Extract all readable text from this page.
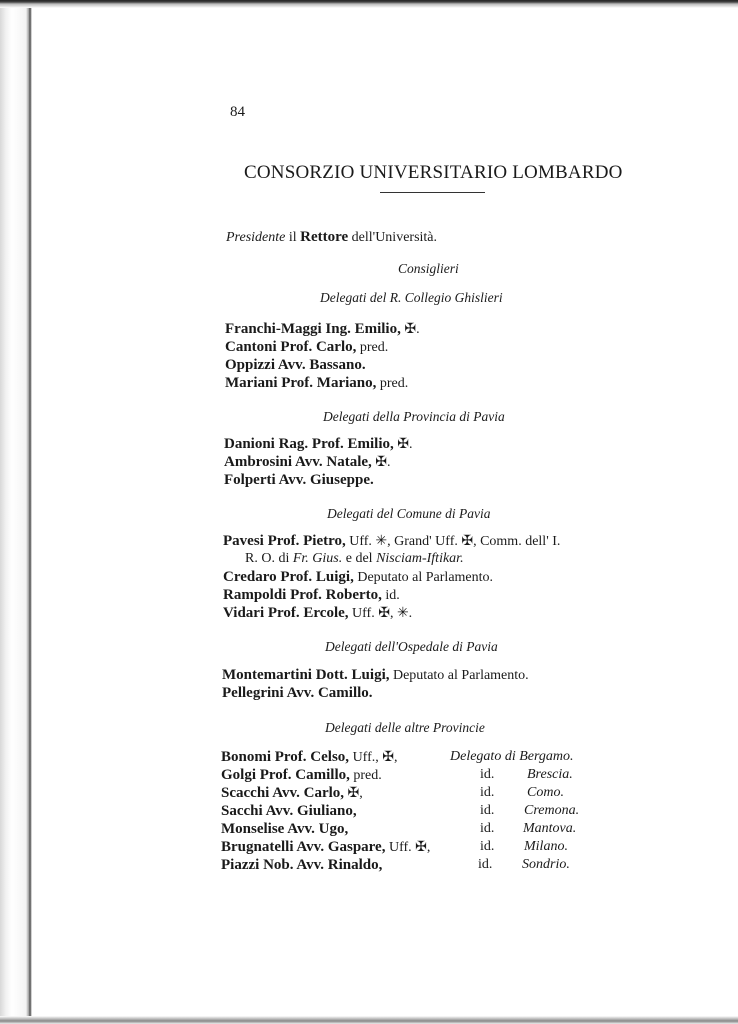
84
CONSORZIO UNIVERSITARIO LOMBARDO
Presidente il Rettore dell'Università.
Consiglieri
Delegati del R. Collegio Ghislieri
Franchi-Maggi Ing. Emilio, ✠.
Cantoni Prof. Carlo, pred.
Oppizzi Avv. Bassano.
Mariani Prof. Mariano, pred.
Delegati della Provincia di Pavia
Danioni Rag. Prof. Emilio, ✠.
Ambrosini Avv. Natale, ✠.
Folperti Avv. Giuseppe.
Delegati del Comune di Pavia
Pavesi Prof. Pietro, Uff. ✳, Grand' Uff. ✠, Comm. dell' I.
R. O. di Fr. Gius. e del Nisciam-Iftikar.
Credaro Prof. Luigi, Deputato al Parlamento.
Rampoldi Prof. Roberto, id.
Vidari Prof. Ercole, Uff. ✠, ✳.
Delegati dell'Ospedale di Pavia
Montemartini Dott. Luigi, Deputato al Parlamento.
Pellegrini Avv. Camillo.
Delegati delle altre Provincie
Bonomi Prof. Celso, Uff., ✠,	Delegato di Bergamo.
Golgi Prof. Camillo, pred.	id. Brescia.
Scacchi Avv. Carlo, ✠,	id. Como.
Sacchi Avv. Giuliano,	id. Cremona.
Monselise Avv. Ugo,	id. Mantova.
Brugnatelli Avv. Gaspare, Uff. ✠,	id. Milano.
Piazzi Nob. Avv. Rinaldo,	id. Sondrio.
